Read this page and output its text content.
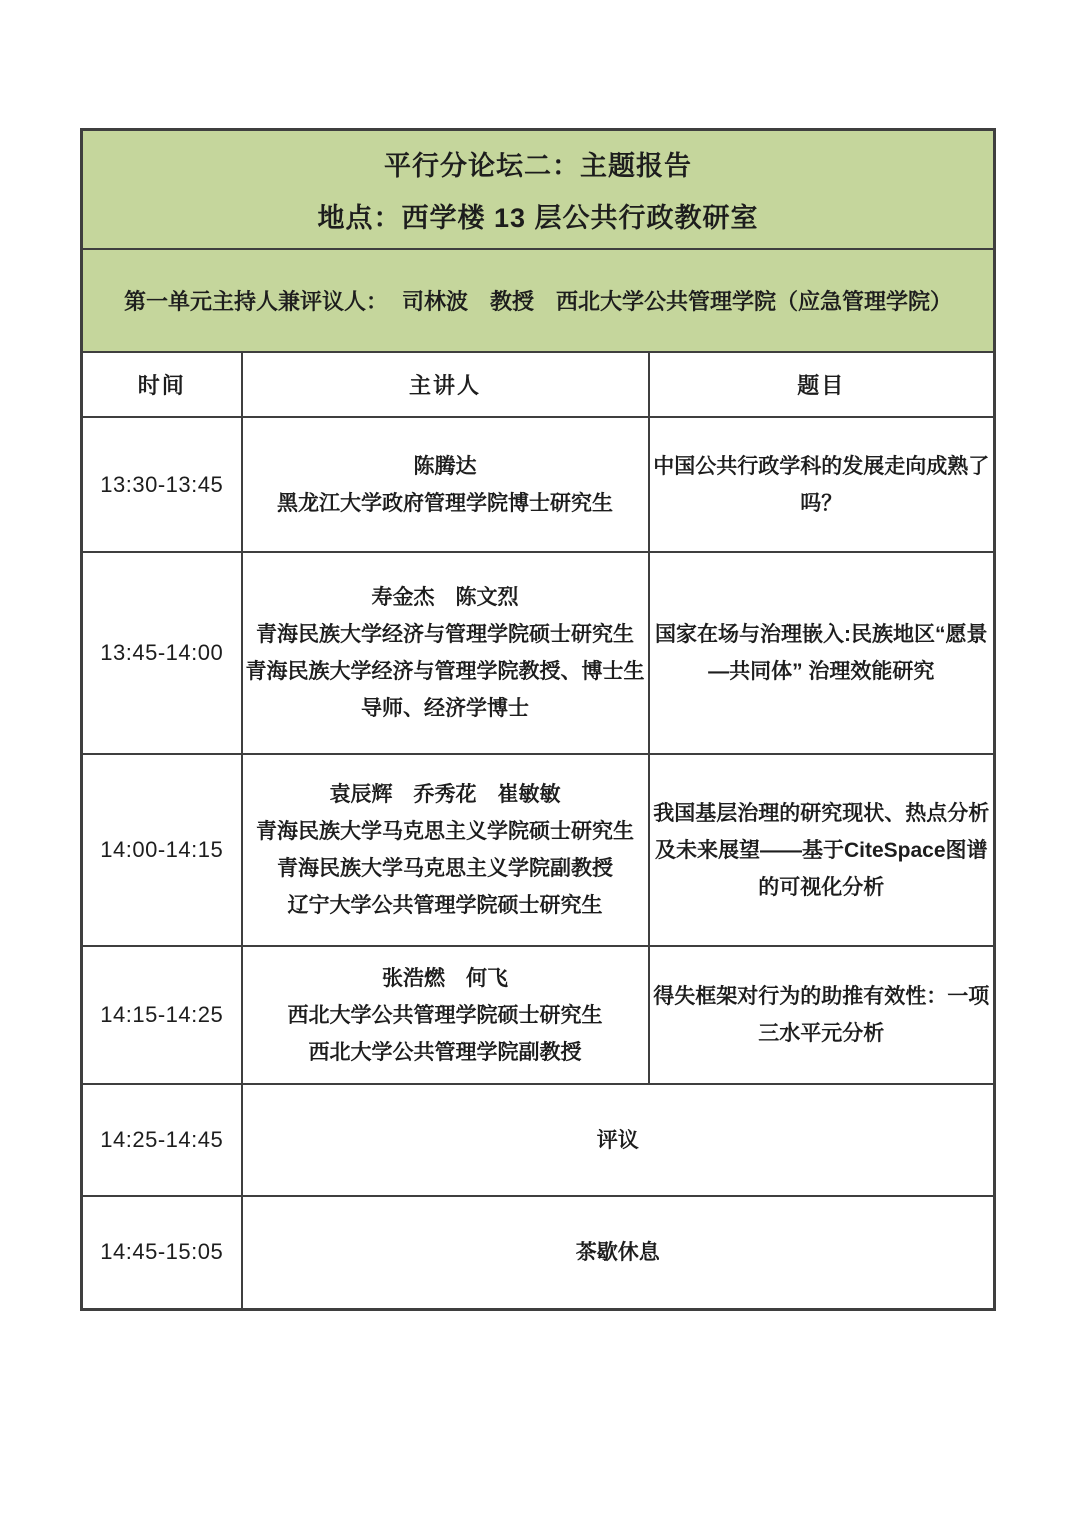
平行分论坛二：主题报告
地点：西学楼 13 层公共行政教研室		

第一单元主持人兼评议人： 司林波　教授　西北大学公共管理学院（应急管理学院）		

时间	主讲人	题目
13:30-13:45	陈腾达
黑龙江大学政府管理学院博士研究生	中国公共行政学科的发展走向成熟了吗？

13:45-14:00	寿金杰　陈文烈
青海民族大学经济与管理学院硕士研究生
青海民族大学经济与管理学院教授、博士生导师、经济学博士	国家在场与治理嵌入:民族地区“愿景—共同体” 治理效能研究

14:00-14:15	袁辰辉　乔秀花　崔敏敏
青海民族大学马克思主义学院硕士研究生
青海民族大学马克思主义学院副教授
辽宁大学公共管理学院硕士研究生	我国基层治理的研究现状、热点分析及未来展望——基于CiteSpace图谱的可视化分析

14:15-14:25	张浩燃　何飞
西北大学公共管理学院硕士研究生
西北大学公共管理学院副教授	得失框架对行为的助推有效性：一项三水平元分析

14:25-14:45	评议	

14:45-15:05	茶歇休息	
